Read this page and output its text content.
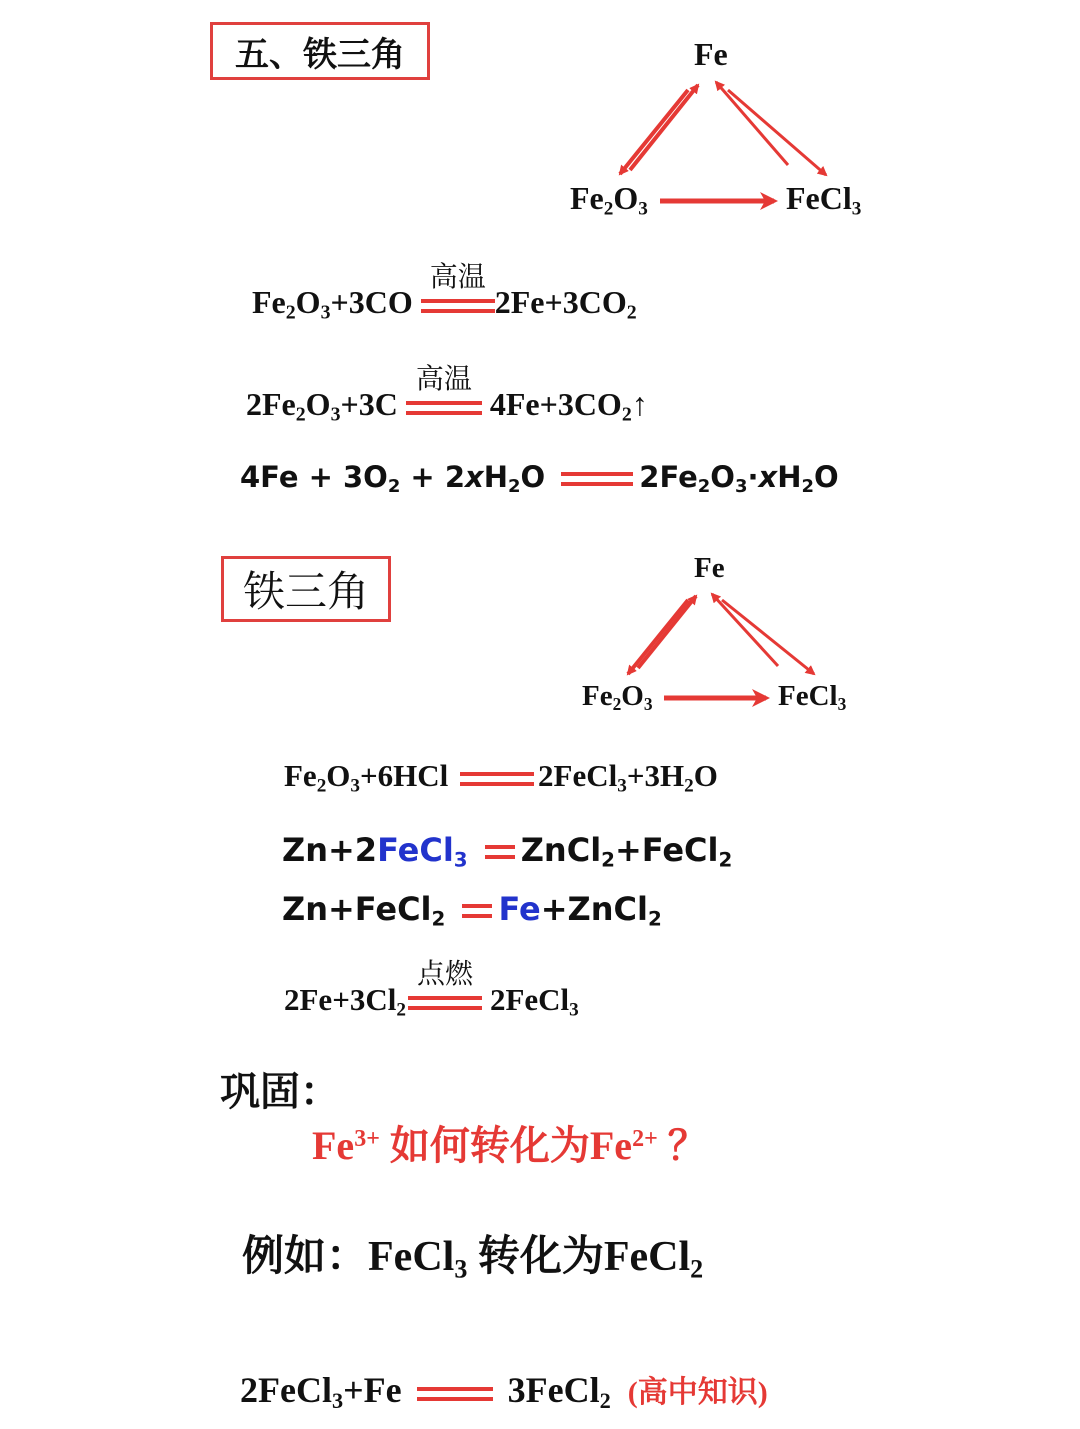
五、铁三角	Fe
$Fe_2O_3$	FeCl$_3$
$Fe_2O_3+3CO$
高温
$2Fe+3CO_2$
$2Fe_2O_3+3C$
高温
$4Fe+3CO_2↑$
$4Fe + 3O_2 + 2xH_2O$	$2Fe_2O_3\cdot xH_2O$
铁三角	Fe
$Fe_2O_3$	FeCl$_3$
$Fe_2O_3+6HCl$	$2FeCl_3+3H_2O$
Zn+2FeCl$_3$ ZnCl$_2$+FeCl$_2$
Zn+FeCl$_2$ Fe+ZnCl$_2$
$2Fe+3Cl_2$
点燃
2FeCl$_3$
巩固：
$Fe^{3+}$ 如何转化为$Fe^{2+}$ ？
例如：FeCl$_3$ 转化为FeCl$_2$
2FeCl$_3$+Fe	3FeCl$_2$ (高中知识)
